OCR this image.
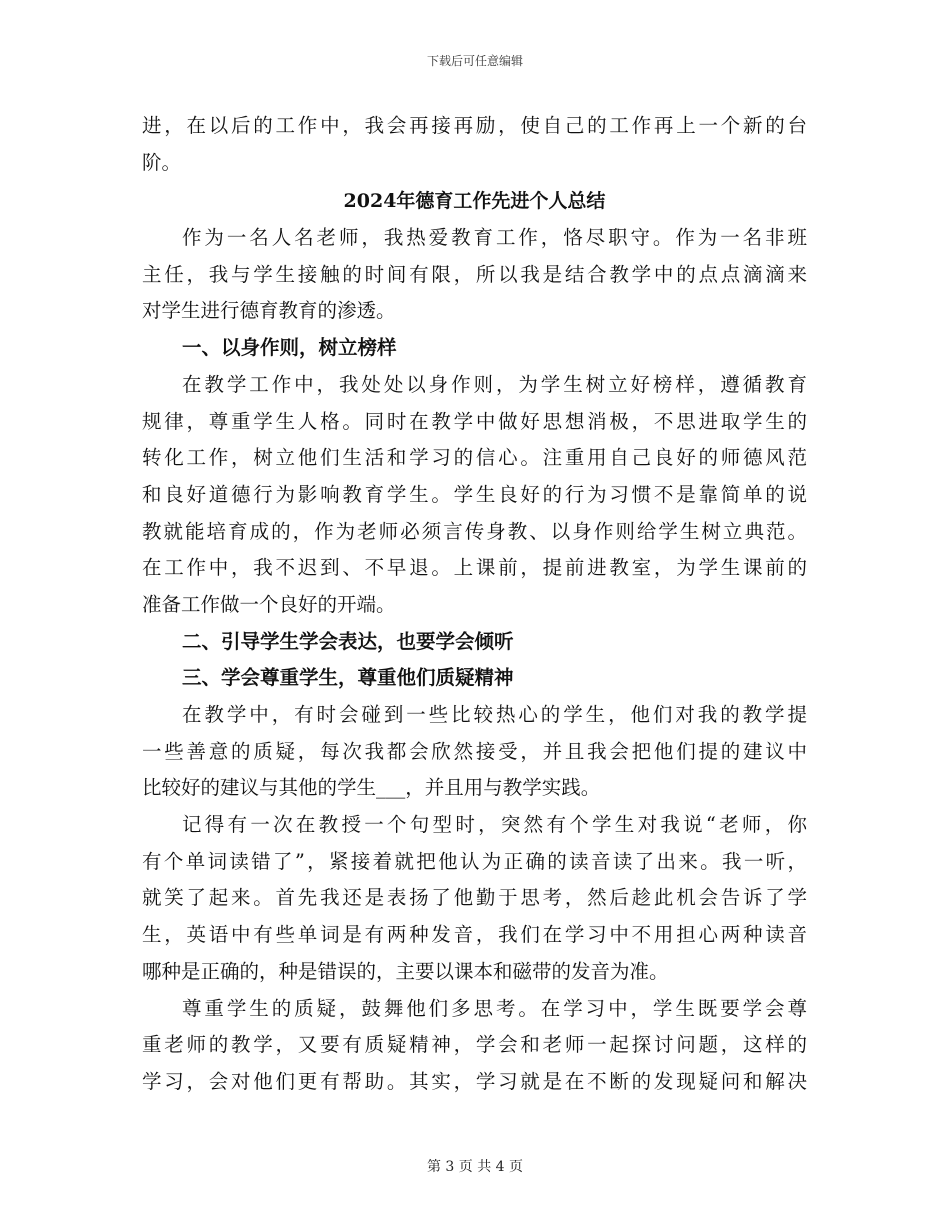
下载后可任意编辑
进，在以后的工作中，我会再接再励，使自己的工作再上一个新的台
阶。
2024年德育工作先进个人总结
作为一名人名老师，我热爱教育工作，恪尽职守。作为一名非班
主任，我与学生接触的时间有限，所以我是结合教学中的点点滴滴来
对学生进行德育教育的渗透。
一、以身作则，树立榜样
在教学工作中，我处处以身作则，为学生树立好榜样，遵循教育
规律，尊重学生人格。同时在教学中做好思想消极，不思进取学生的
转化工作，树立他们生活和学习的信心。注重用自己良好的师德风范
和良好道德行为影响教育学生。学生良好的行为习惯不是靠简单的说
教就能培育成的，作为老师必须言传身教、以身作则给学生树立典范。
在工作中，我不迟到、不早退。上课前，提前进教室，为学生课前的
准备工作做一个良好的开端。
二、引导学生学会表达，也要学会倾听
三、学会尊重学生，尊重他们质疑精神
在教学中，有时会碰到一些比较热心的学生，他们对我的教学提
一些善意的质疑，每次我都会欣然接受，并且我会把他们提的建议中
比较好的建议与其他的学生___，并且用与教学实践。
记得有一次在教授一个句型时，突然有个学生对我说“老师，你
有个单词读错了”，紧接着就把他认为正确的读音读了出来。我一听，
就笑了起来。首先我还是表扬了他勤于思考，然后趁此机会告诉了学
生，英语中有些单词是有两种发音，我们在学习中不用担心两种读音
哪种是正确的，种是错误的，主要以课本和磁带的发音为准。
尊重学生的质疑，鼓舞他们多思考。在学习中，学生既要学会尊
重老师的教学，又要有质疑精神，学会和老师一起探讨问题，这样的
学习，会对他们更有帮助。其实，学习就是在不断的发现疑问和解决
第 3 页 共 4 页
